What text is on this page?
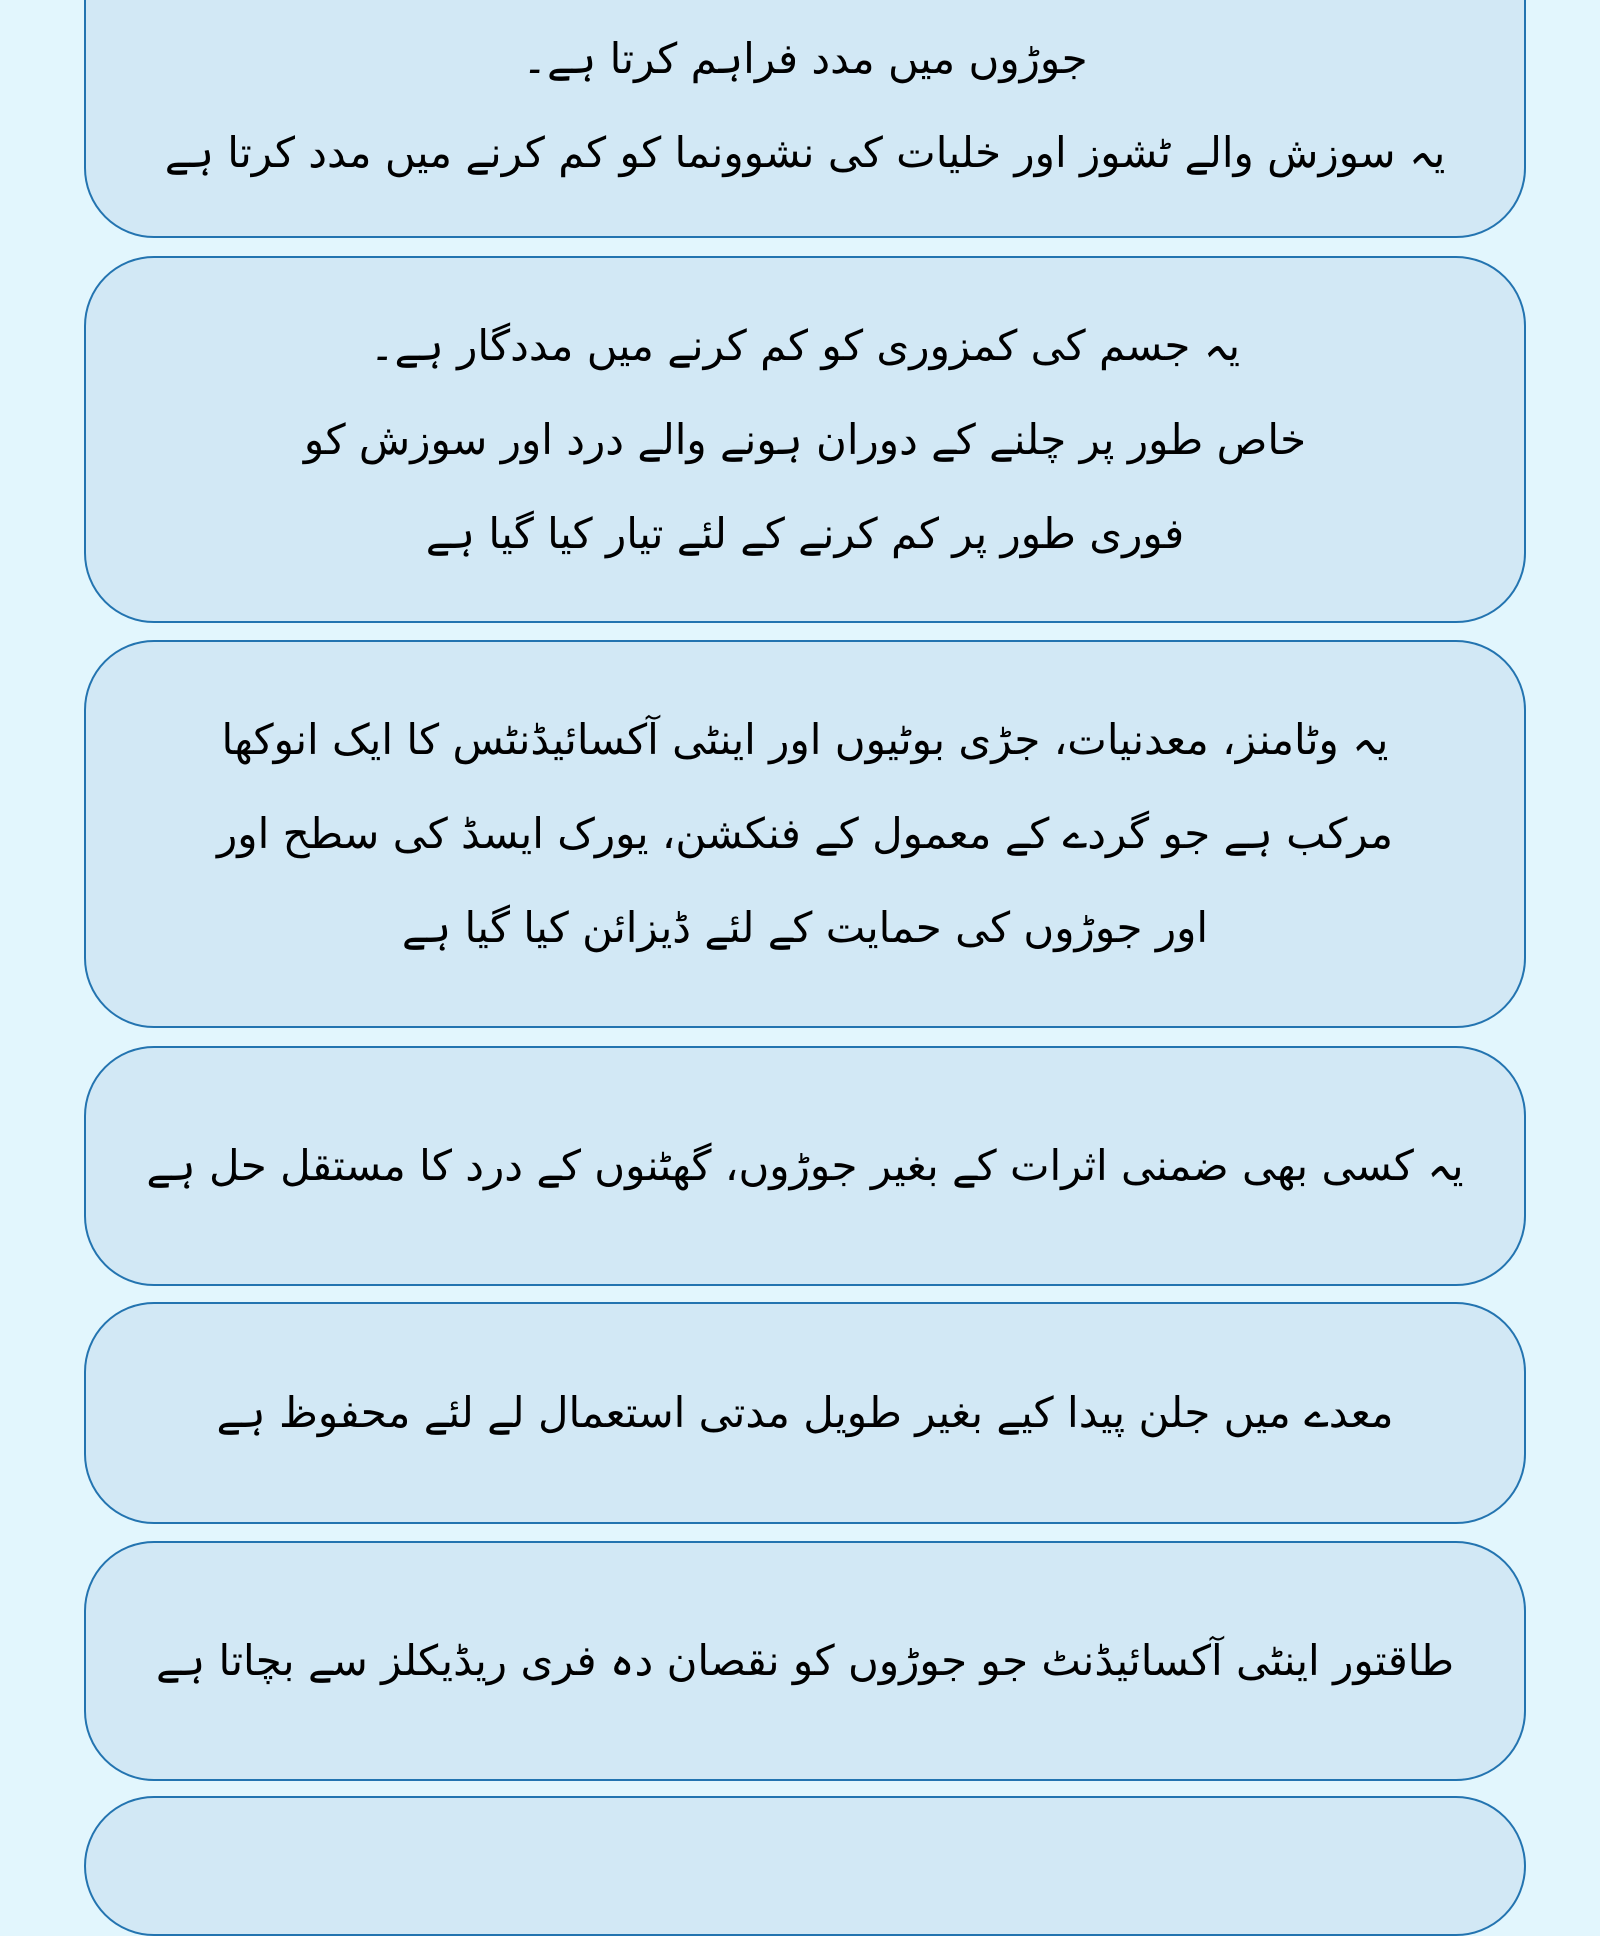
جوڑوں میں مدد فراہم کرتا ہے۔
یہ سوزش والے ٹشوز اور خلیات کی نشوونما کو کم کرنے میں مدد کرتا ہے
یہ جسم کی کمزوری کو کم کرنے میں مددگار ہے۔
خاص طور پر چلنے کے دوران ہونے والے درد اور سوزش کو
فوری طور پر کم کرنے کے لئے تیار کیا گیا ہے
یہ وٹامنز، معدنیات، جڑی بوٹیوں اور اینٹی آکسائیڈنٹس کا ایک انوکھا
مرکب ہے جو گردے کے معمول کے فنکشن، یورک ایسڈ کی سطح اور
اور جوڑوں کی حمایت کے لئے ڈیزائن کیا گیا ہے
یہ کسی بھی ضمنی اثرات کے بغیر جوڑوں، گھٹنوں کے درد کا مستقل حل ہے
معدے میں جلن پیدا کیے بغیر طویل مدتی استعمال لے لئے محفوظ ہے
طاقتور اینٹی آکسائیڈنٹ جو جوڑوں کو نقصان دہ فری ریڈیکلز سے بچاتا ہے
